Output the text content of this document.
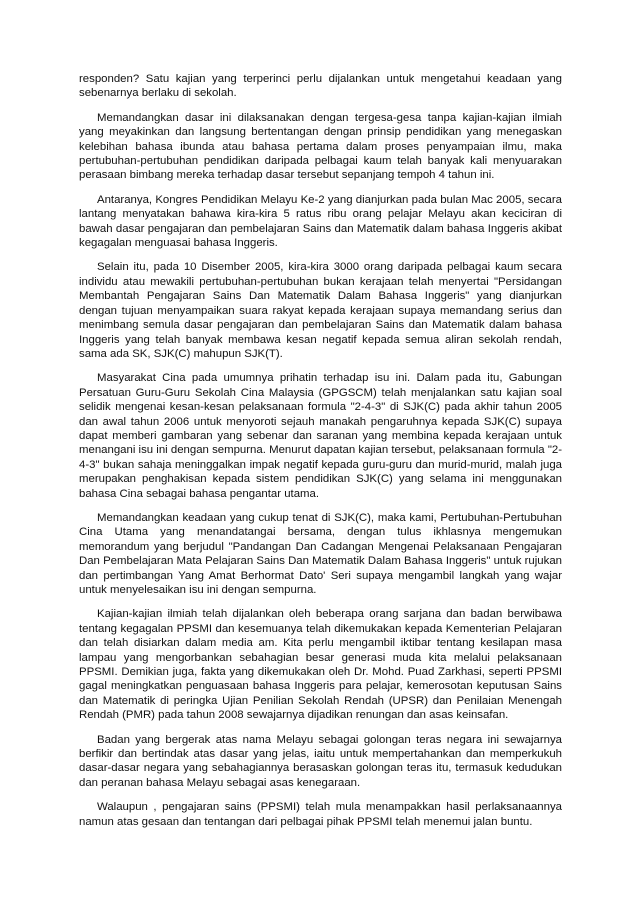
responden? Satu kajian yang terperinci perlu dijalankan untuk mengetahui keadaan yang sebenarnya berlaku di sekolah.

Memandangkan dasar ini dilaksanakan dengan tergesa-gesa tanpa kajian-kajian ilmiah yang meyakinkan dan langsung bertentangan dengan prinsip pendidikan yang menegaskan kelebihan bahasa ibunda atau bahasa pertama dalam proses penyampaian ilmu, maka pertubuhan-pertubuhan pendidikan daripada pelbagai kaum telah banyak kali menyuarakan perasaan bimbang mereka terhadap dasar tersebut sepanjang tempoh 4 tahun ini.

Antaranya, Kongres Pendidikan Melayu Ke-2 yang dianjurkan pada bulan Mac 2005, secara lantang menyatakan bahawa kira-kira 5 ratus ribu orang pelajar Melayu akan keciciran di bawah dasar pengajaran dan pembelajaran Sains dan Matematik dalam bahasa Inggeris akibat kegagalan menguasai bahasa Inggeris.

Selain itu, pada 10 Disember 2005, kira-kira 3000 orang daripada pelbagai kaum secara individu atau mewakili pertubuhan-pertubuhan bukan kerajaan telah menyertai "Persidangan Membantah Pengajaran Sains Dan Matematik Dalam Bahasa Inggeris" yang dianjurkan dengan tujuan menyampaikan suara rakyat kepada kerajaan supaya memandang serius dan menimbang semula dasar pengajaran dan pembelajaran Sains dan Matematik dalam bahasa Inggeris yang telah banyak membawa kesan negatif kepada semua aliran sekolah rendah, sama ada SK, SJK(C) mahupun SJK(T).

Masyarakat Cina pada umumnya prihatin terhadap isu ini. Dalam pada itu, Gabungan Persatuan Guru-Guru Sekolah Cina Malaysia (GPGSCM) telah menjalankan satu kajian soal selidik mengenai kesan-kesan pelaksanaan formula "2-4-3" di SJK(C) pada akhir tahun 2005 dan awal tahun 2006 untuk menyoroti sejauh manakah pengaruhnya kepada SJK(C) supaya dapat memberi gambaran yang sebenar dan saranan yang membina kepada kerajaan untuk menangani isu ini dengan sempurna. Menurut dapatan kajian tersebut, pelaksanaan formula "2-4-3" bukan sahaja meninggalkan impak negatif kepada guru-guru dan murid-murid, malah juga merupakan penghakisan kepada sistem pendidikan SJK(C) yang selama ini menggunakan bahasa Cina sebagai bahasa pengantar utama.

Memandangkan keadaan yang cukup tenat di SJK(C), maka kami, Pertubuhan-Pertubuhan Cina Utama yang menandatangai bersama, dengan tulus ikhlasnya mengemukan memorandum yang berjudul "Pandangan Dan Cadangan Mengenai Pelaksanaan Pengajaran Dan Pembelajaran Mata Pelajaran Sains Dan Matematik Dalam Bahasa Inggeris" untuk rujukan dan pertimbangan Yang Amat Berhormat Dato' Seri supaya mengambil langkah yang wajar untuk menyelesaikan isu ini dengan sempurna.

Kajian-kajian ilmiah telah dijalankan oleh beberapa orang sarjana dan badan berwibawa tentang kegagalan PPSMI dan kesemuanya telah dikemukakan kepada Kementerian Pelajaran dan telah disiarkan dalam media am. Kita perlu mengambil iktibar tentang kesilapan masa lampau yang mengorbankan sebahagian besar generasi muda kita melalui pelaksanaan PPSMI. Demikian juga, fakta yang dikemukakan oleh Dr. Mohd. Puad Zarkhasi, seperti PPSMI gagal meningkatkan penguasaan bahasa Inggeris para pelajar, kemerosotan keputusan Sains dan Matematik di peringka Ujian Penilian Sekolah Rendah (UPSR) dan Penilaian Menengah Rendah (PMR) pada tahun 2008 sewajarnya dijadikan renungan dan asas keinsafan.

Badan yang bergerak atas nama Melayu sebagai golongan teras negara ini sewajarnya berfikir dan bertindak atas dasar yang jelas, iaitu untuk mempertahankan dan memperkukuh dasar-dasar negara yang sebahagiannya berasaskan golongan teras itu, termasuk kedudukan dan peranan bahasa Melayu sebagai asas kenegaraan.

Walaupun , pengajaran sains (PPSMI) telah mula menampakkan hasil perlaksanaannya namun atas gesaan dan tentangan dari pelbagai pihak PPSMI telah menemui jalan buntu.
